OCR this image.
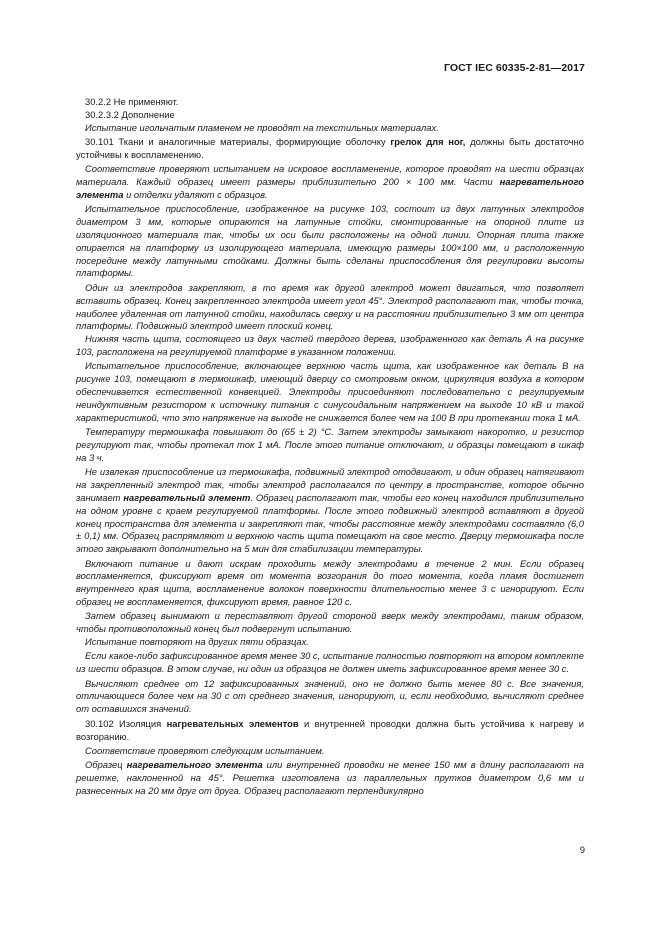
ГОСТ IEC 60335-2-81—2017

30.2.2 Не применяют.

30.2.3.2 Дополнение

Испытание игольчатым пламенем не проводят на текстильных материалах.

30.101 Ткани и аналогичные материалы, формирующие оболочку грелок для ног, должны быть достаточно устойчивы к воспламенению.

Соответствие проверяют испытанием на искровое воспламенение, которое проводят на шести образцах материала. Каждый образец имеет размеры приблизительно 200 × 100 мм. Части нагревательного элемента и отделки удаляют с образцов.

Испытательное приспособление, изображенное на рисунке 103, состоит из двух латунных электродов диаметром 3 мм, которые опираются на латунные стойки, смонтированные на опорной плите из изоляционного материала так, чтобы их оси были расположены на одной линии. Опорная плита также опирается на платформу из изолирующего материала, имеющую размеры 100×100 мм, и расположенную посередине между латунными стойками. Должны быть сделаны приспособления для регулировки высоты платформы.

Один из электродов закрепляют, в то время как другой электрод может двигаться, что позволяет вставить образец. Конец закрепленного электрода имеет угол 45°. Электрод располагают так, чтобы точка, наиболее удаленная от латунной стойки, находилась сверху и на расстоянии приблизительно 3 мм от центра платформы. Подвижный электрод имеет плоский конец.

Нижняя часть щита, состоящего из двух частей твердого дерева, изображенного как деталь А на рисунке 103, расположена на регулируемой платформе в указанном положении.

Испытательное приспособление, включающее верхнюю часть щита, как изображенное как деталь В на рисунке 103, помещают в термошкаф, имеющий дверцу со смотровым окном, циркуляция воздуха в котором обеспечивается естественной конвекцией. Электроды присоединяют последовательно с регулируемым неиндуктивным резистором к источнику питания с синусоидальным напряжением на выходе 10 кВ и такой характеристикой, что это напряжение на выходе не снижается более чем на 100 В при протекании тока 1 мА.

Температуру термошкафа повышают до (65 ± 2) °С. Затем электроды замыкают накоротко, и резистор регулируют так, чтобы протекал ток 1 мА. После этого питание отключают, и образцы помещают в шкаф на 3 ч.

Не извлекая приспособление из термошкафа, подвижный электрод отодвигают, и один образец натягивают на закрепленный электрод так, чтобы электрод располагался по центру в пространстве, которое обычно занимает нагревательный элемент. Образец располагают так, чтобы его конец находился приблизительно на одном уровне с краем регулируемой платформы. После этого подвижный электрод вставляют в другой конец пространства для элемента и закрепляют так, чтобы расстояние между электродами составляло (6,0 ± 0,1) мм. Образец распрямляют и верхнюю часть щита помещают на свое место. Дверцу термошкафа после этого закрывают дополнительно на 5 мин для стабилизации температуры.

Включают питание и дают искрам проходить между электродами в течение 2 мин. Если образец воспламеняется, фиксируют время от момента возгорания до того момента, когда пламя достигнет внутреннего края щита, воспламенение волокон поверхности длительностью менее 3 с игнорируют. Если образец не воспламеняется, фиксируют время, равное 120 с.

Затем образец вынимают и переставляют другой стороной вверх между электродами, таким образом, чтобы противоположный конец был подвергнут испытанию.

Испытание повторяют на других пяти образцах.

Если какое-либо зафиксированное время менее 30 с, испытание полностью повторяют на втором комплекте из шести образцов. В этом случае, ни один из образцов не должен иметь зафиксированное время менее 30 с.

Вычисляют среднее от 12 зафиксированных значений, оно не должно быть менее 80 с. Все значения, отличающиеся более чем на 30 с от среднего значения, игнорируют, и, если необходимо, вычисляют среднее от оставшихся значений.

30.102 Изоляция нагревательных элементов и внутренней проводки должна быть устойчива к нагреву и возгоранию.

Соответствие проверяют следующим испытанием.

Образец нагревательного элемента или внутренней проводки не менее 150 мм в длину располагают на решетке, наклоненной на 45°. Решетка изготовлена из параллельных прутков диаметром 0,6 мм и разнесенных на 20 мм друг от друга. Образец располагают перпендикулярно

9
